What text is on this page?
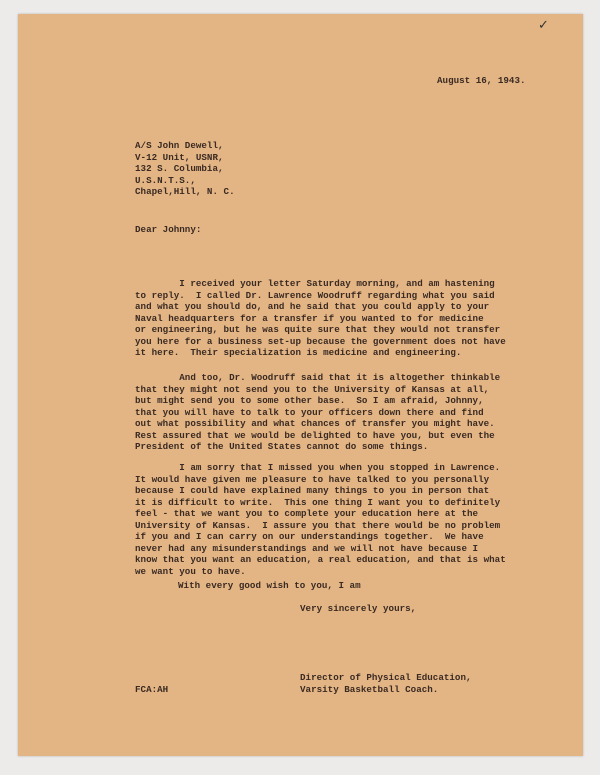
✓
August 16, 1943.
A/S John Dewell,
V-12 Unit, USNR,
132 S. Columbia,
U.S.N.T.S.,
Chapel,Hill, N. C.
Dear Johnny:
I received your letter Saturday morning, and am hastening
to reply.  I called Dr. Lawrence Woodruff regarding what you said
and what you should do, and he said that you could apply to your
Naval headquarters for a transfer if you wanted to for medicine
or engineering, but he was quite sure that they would not transfer
you here for a business set-up because the government does not have
it here.  Their specialization is medicine and engineering.
And too, Dr. Woodruff said that it is altogether thinkable
that they might not send you to the University of Kansas at all,
but might send you to some other base.  So I am afraid, Johnny,
that you will have to talk to your officers down there and find
out what possibility and what chances of transfer you might have.
Rest assured that we would be delighted to have you, but even the
President of the United States cannot do some things.
I am sorry that I missed you when you stopped in Lawrence.
It would have given me pleasure to have talked to you personally
because I could have explained many things to you in person that
it is difficult to write.  This one thing I want you to definitely
feel - that we want you to complete your education here at the
University of Kansas.  I assure you that there would be no problem
if you and I can carry on our understandings together.  We have
never had any misunderstandings and we will not have because I
know that you want an education, a real education, and that is what
we want you to have.
With every good wish to you, I am
Very sincerely yours,
Director of Physical Education,
Varsity Basketball Coach.
FCA:AH
